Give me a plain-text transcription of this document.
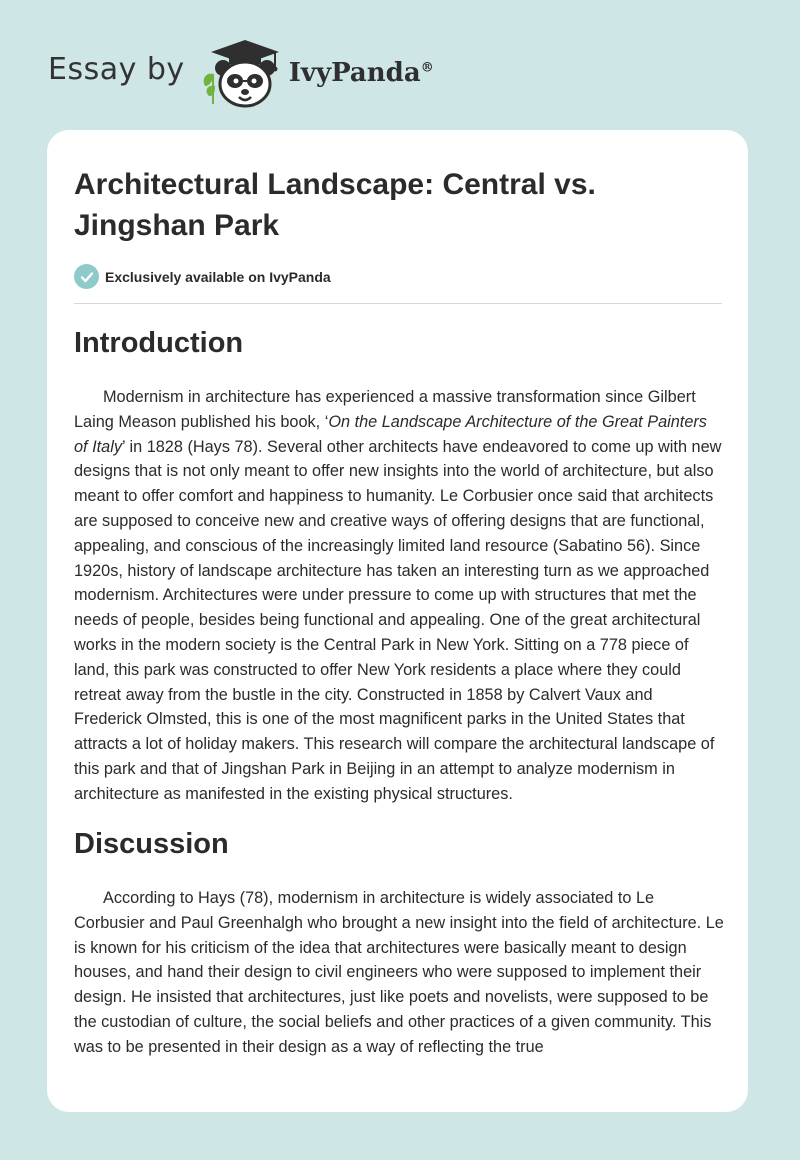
Essay by	IvyPanda®
Architectural Landscape: Central vs. Jingshan Park
Exclusively available on IvyPanda
Introduction

Modernism in architecture has experienced a massive transformation since Gilbert Laing Meason published his book, ‘On the Landscape Architecture of the Great Painters of Italy’ in 1828 (Hays 78). Several other architects have endeavored to come up with new designs that is not only meant to offer new insights into the world of architecture, but also meant to offer comfort and happiness to humanity. Le Corbusier once said that architects are supposed to conceive new and creative ways of offering designs that are functional, appealing, and conscious of the increasingly limited land resource (Sabatino 56). Since 1920s, history of landscape architecture has taken an interesting turn as we approached modernism. Architectures were under pressure to come up with structures that met the needs of people, besides being functional and appealing. One of the great architectural works in the modern society is the Central Park in New York. Sitting on a 778 piece of land, this park was constructed to offer New York residents a place where they could retreat away from the bustle in the city. Constructed in 1858 by Calvert Vaux and Frederick Olmsted, this is one of the most magnificent parks in the United States that attracts a lot of holiday makers. This research will compare the architectural landscape of this park and that of Jingshan Park in Beijing in an attempt to analyze modernism in architecture as manifested in the existing physical structures.

Discussion

According to Hays (78), modernism in architecture is widely associated to Le Corbusier and Paul Greenhalgh who brought a new insight into the field of architecture. Le is known for his criticism of the idea that architectures were basically meant to design houses, and hand their design to civil engineers who were supposed to implement their design. He insisted that architectures, just like poets and novelists, were supposed to be the custodian of culture, the social beliefs and other practices of a given community. This was to be presented in their design as a way of reflecting the true
